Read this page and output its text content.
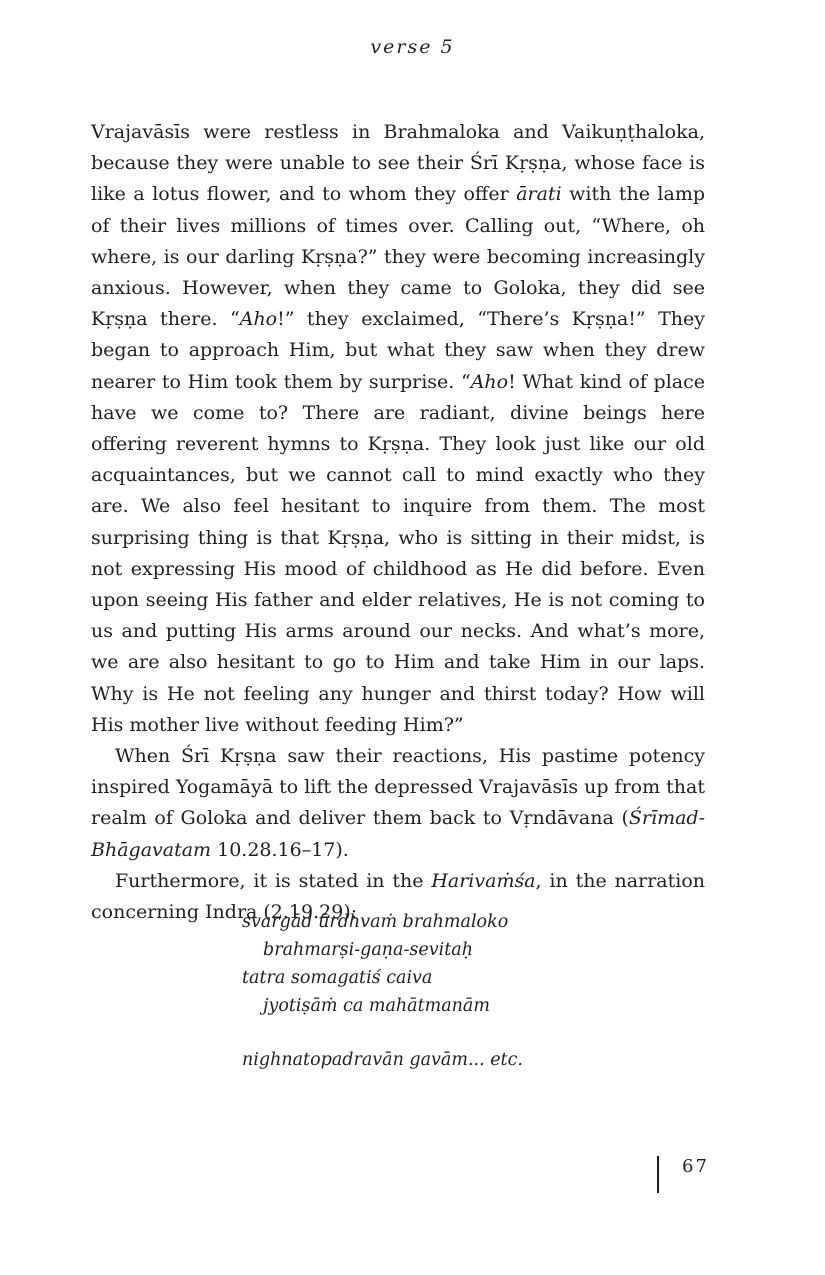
verse 5

Vrajavāsīs were restless in Brahmaloka and Vaikuṇṭhaloka, because they were unable to see their Śrī Kṛṣṇa, whose face is like a lotus flower, and to whom they offer ārati with the lamp of their lives millions of times over. Calling out, “Where, oh where, is our darling Kṛṣṇa?” they were becoming increasingly anxious. However, when they came to Goloka, they did see Kṛṣṇa there. “Aho!” they exclaimed, “There’s Kṛṣṇa!” They began to approach Him, but what they saw when they drew nearer to Him took them by surprise. “Aho! What kind of place have we come to? There are radiant, divine beings here offering reverent hymns to Kṛṣṇa. They look just like our old acquaintances, but we cannot call to mind exactly who they are. We also feel hesitant to inquire from them. The most surprising thing is that Kṛṣṇa, who is sitting in their midst, is not expressing His mood of childhood as He did before. Even upon seeing His father and elder relatives, He is not coming to us and putting His arms around our necks. And what’s more, we are also hesitant to go to Him and take Him in our laps. Why is He not feeling any hunger and thirst today? How will His mother live without feeding Him?”

When Śrī Kṛṣṇa saw their reactions, His pastime potency inspired Yogamāyā to lift the depressed Vrajavāsīs up from that realm of Goloka and deliver them back to Vṛndāvana (Śrīmad-Bhāgavatam 10.28.16–17).

Furthermore, it is stated in the Harivaṁśa, in the narration concerning Indra (2.19.29):

svargād ūrdhvaṁ brahmaloko
brahmarṣi-gaṇa-sevitaḥ
tatra somagatiś caiva
jyotiṣāṁ ca mahātmanām
nighnatopadravān gavām... etc.
67
